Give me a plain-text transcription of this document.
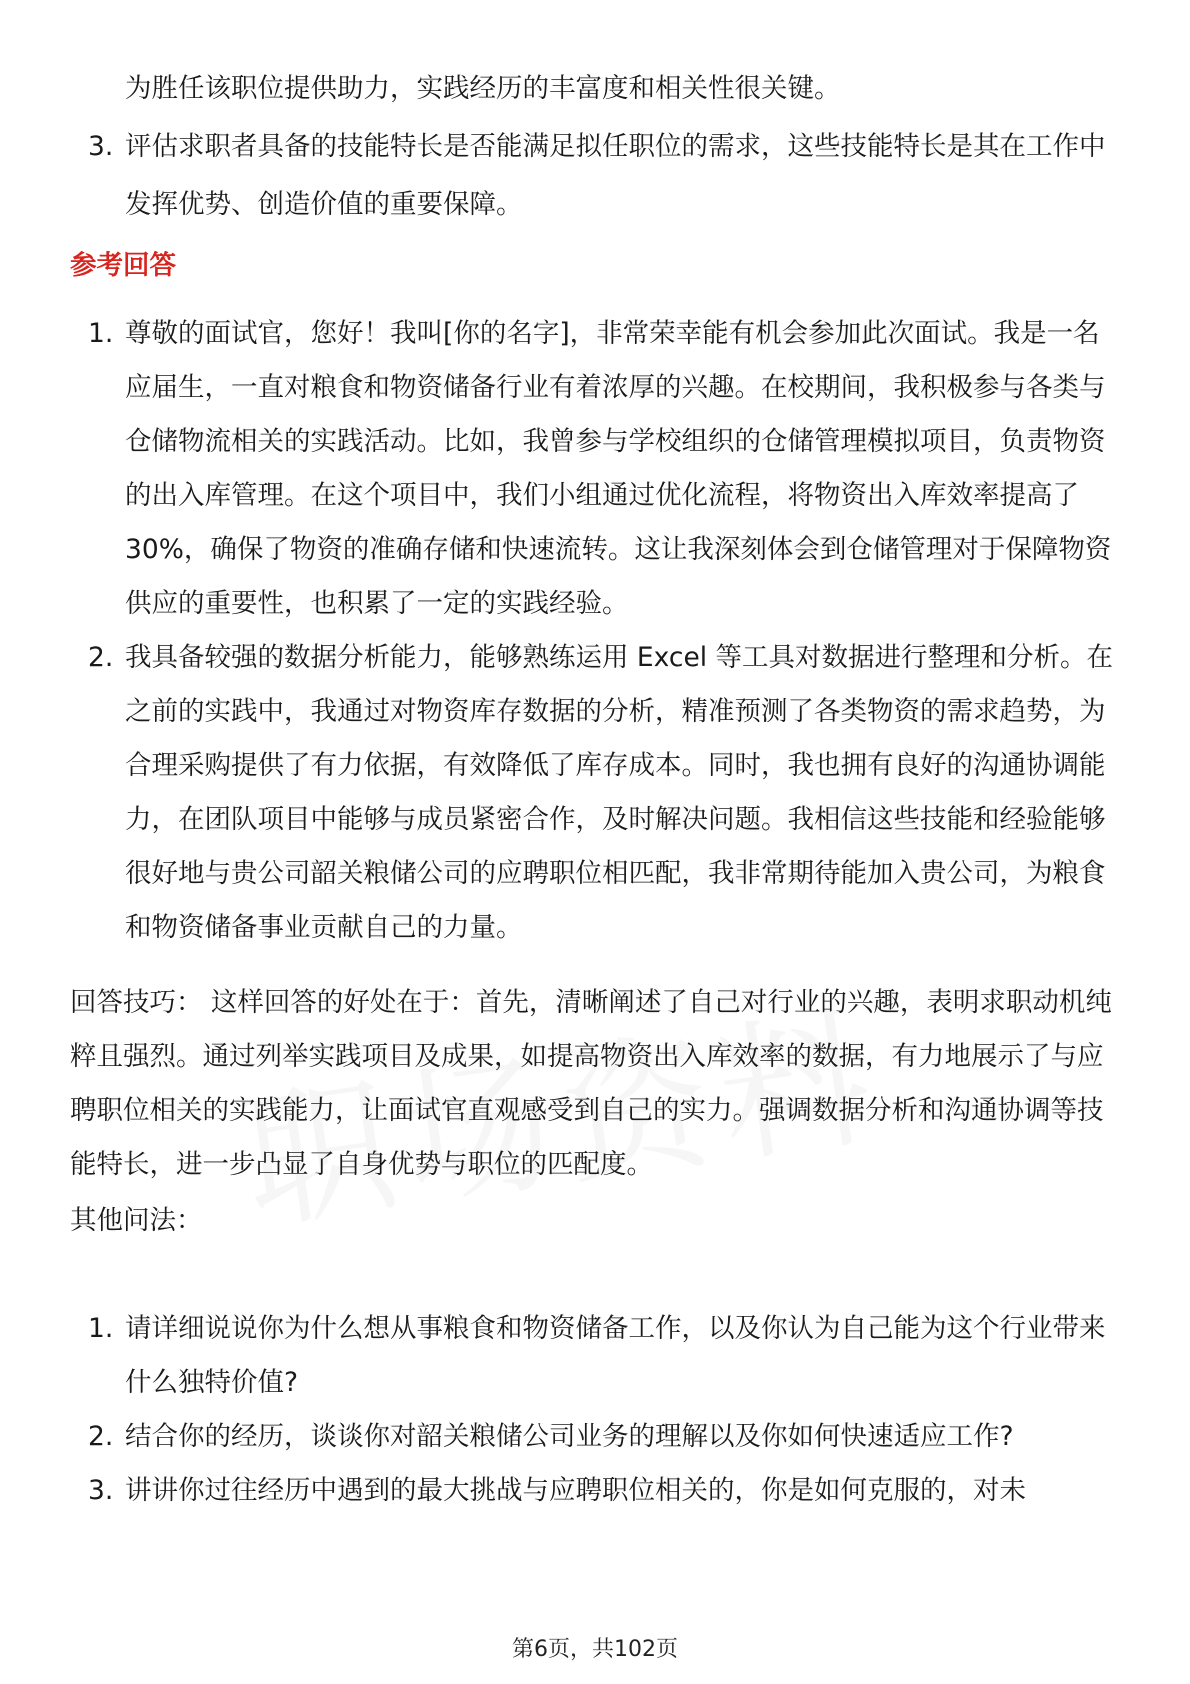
为胜任该职位提供助力，实践经历的丰富度和相关性很关键。
3. 评估求职者具备的技能特长是否能满足拟任职位的需求，这些技能特长是其在工作中发挥优势、创造价值的重要保障。
参考回答
1. 尊敬的面试官，您好！我叫[你的名字]，非常荣幸能有机会参加此次面试。我是一名应届生，一直对粮食和物资储备行业有着浓厚的兴趣。在校期间，我积极参与各类与仓储物流相关的实践活动。比如，我曾参与学校组织的仓储管理模拟项目，负责物资的出入库管理。在这个项目中，我们小组通过优化流程，将物资出入库效率提高了 30%，确保了物资的准确存储和快速流转。这让我深刻体会到仓储管理对于保障物资供应的重要性，也积累了一定的实践经验。
2. 我具备较强的数据分析能力，能够熟练运用 Excel 等工具对数据进行整理和分析。在之前的实践中，我通过对物资库存数据的分析，精准预测了各类物资的需求趋势，为合理采购提供了有力依据，有效降低了库存成本。同时，我也拥有良好的沟通协调能力，在团队项目中能够与成员紧密合作，及时解决问题。我相信这些技能和经验能够很好地与贵公司韶关粮储公司的应聘职位相匹配，我非常期待能加入贵公司，为粮食和物资储备事业贡献自己的力量。
回答技巧： 这样回答的好处在于：首先，清晰阐述了自己对行业的兴趣，表明求职动机纯粹且强烈。通过列举实践项目及成果，如提高物资出入库效率的数据，有力地展示了与应聘职位相关的实践能力，让面试官直观感受到自己的实力。强调数据分析和沟通协调等技能特长，进一步凸显了自身优势与职位的匹配度。
其他问法：
1. 请详细说说你为什么想从事粮食和物资储备工作，以及你认为自己能为这个行业带来什么独特价值?
2. 结合你的经历，谈谈你对韶关粮储公司业务的理解以及你如何快速适应工作?
3. 讲讲你过往经历中遇到的最大挑战与应聘职位相关的，你是如何克服的，对未
第6页，共102页
